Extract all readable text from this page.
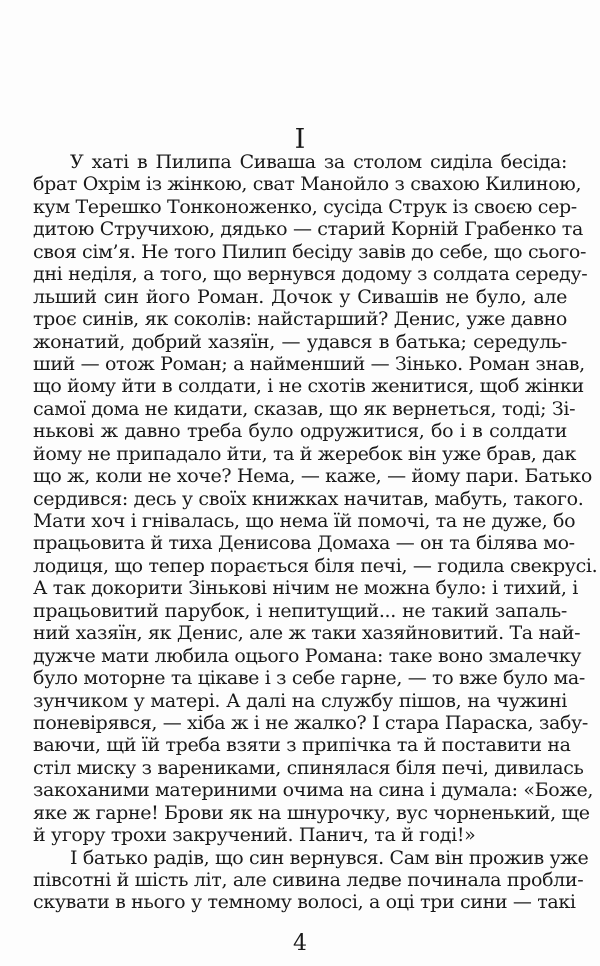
I
У хаті в Пилипа Сиваша за столом сиділа бесіда:
брат Охрім із жінкою, сват Манойло з свахою Килиною,
кум Терешко Тонконоженко, сусіда Струк із своєю сер-
дитою Стручихою, дядько — старий Корній Грабенко та
своя сім’я. Не того Пилип бесіду завів до себе, що сього-
дні неділя, а того, що вернувся додому з солдата середу-
льший син його Роман. Дочок у Сивашів не було, але
троє синів, як соколів: найстарший? Денис, уже давно
жонатий, добрий хазяїн, — удався в батька; середуль-
ший — отож Роман; а найменший — Зінько. Роман знав,
що йому йти в солдати, і не схотів женитися, щоб жінки
самої дома не кидати, сказав, що як вернеться, тоді; Зі-
нькові ж давно треба було одружитися, бо і в солдати
йому не припадало йти, та й жеребок він уже брав, дак
що ж, коли не хоче? Нема, — каже, — йому пари. Батько
сердився: десь у своїх книжках начитав, мабуть, такого.
Мати хоч і гнівалась, що нема їй помочі, та не дуже, бо
працьовита й тиха Денисова Домаха — он та білява мо-
лодиця, що тепер порається біля печі, — годила свекрусі.
А так докорити Зінькові нічим не можна було: і тихий, і
працьовитий парубок, і непитущий... не такий запаль-
ний хазяїн, як Денис, але ж таки хазяйновитий. Та най-
дужче мати любила оцього Романа: таке воно змалечку
було моторне та цікаве і з себе гарне, — то вже було ма-
зунчиком у матері. А далі на службу пішов, на чужині
поневірявся, — хіба ж і не жалко? І стара Параска, забу-
ваючи, щй їй треба взяти з припічка та й поставити на
стіл миску з варениками, спинялася біля печі, дивилась
закоханими материними очима на сина і думала: «Боже,
яке ж гарне! Брови як на шнурочку, вус чорненький, ще
й угору трохи закручений. Панич, та й годі!»
І батько радів, що син вернувся. Сам він прожив уже
півсотні й шість літ, але сивина ледве починала пробли-
скувати в нього у темному волосі, а оці три сини — такі
4
